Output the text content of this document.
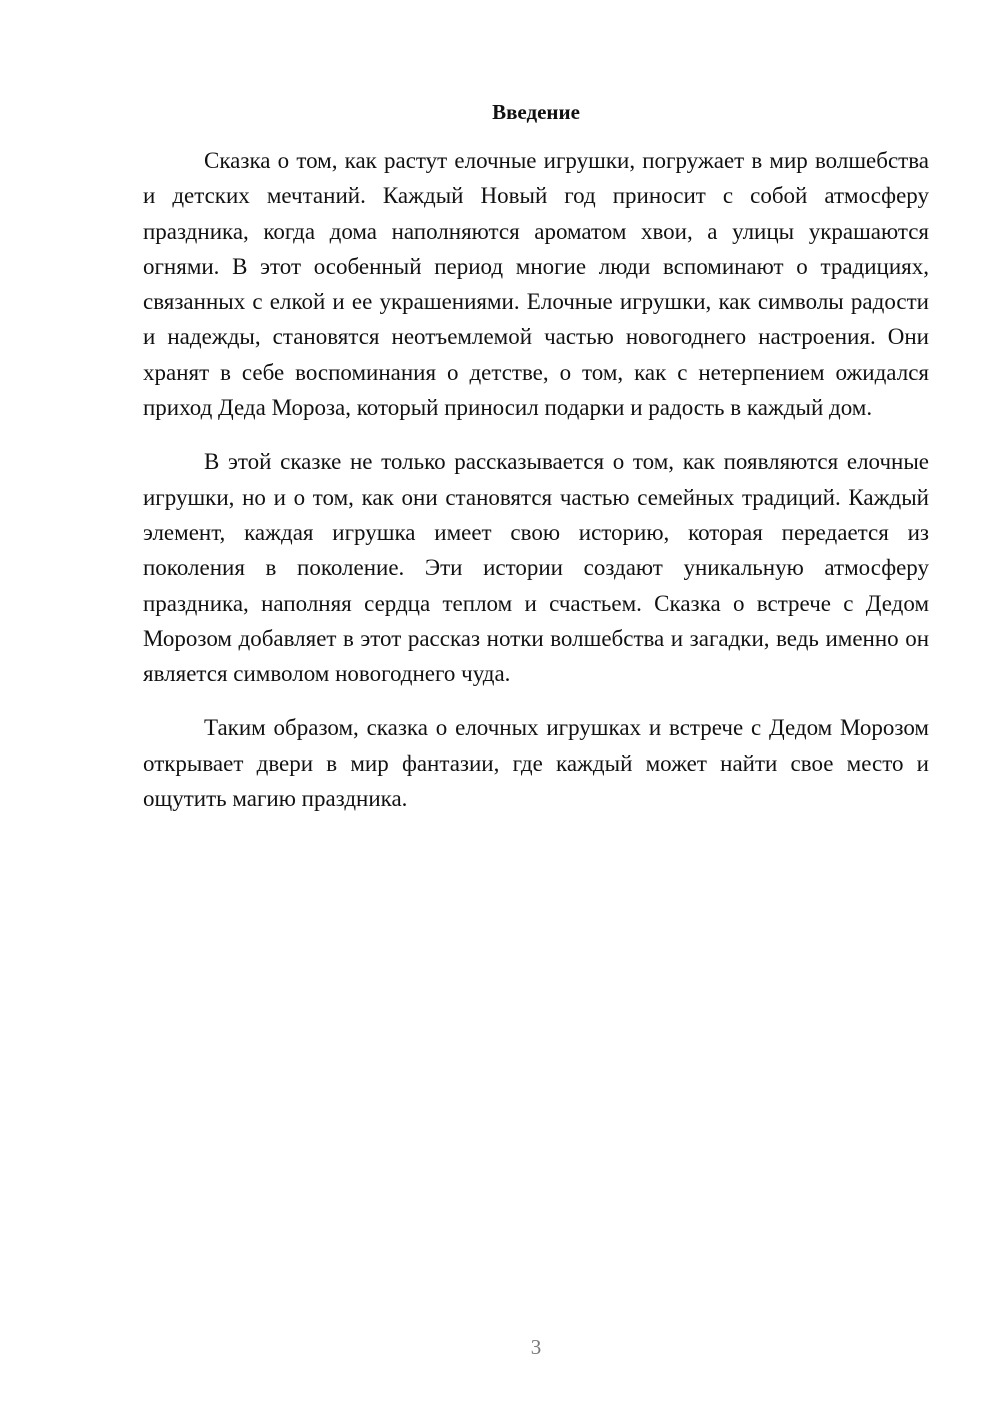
Введение

Сказка о том, как растут елочные игрушки, погружает в мир волшебства и детских мечтаний. Каждый Новый год приносит с собой атмосферу праздника, когда дома наполняются ароматом хвои, а улицы украшаются огнями. В этот особенный период многие люди вспоминают о традициях, связанных с елкой и ее украшениями. Елочные игрушки, как символы радости и надежды, становятся неотъемлемой частью новогоднего настроения. Они хранят в себе воспоминания о детстве, о том, как с нетерпением ожидался приход Деда Мороза, который приносил подарки и радость в каждый дом.

В этой сказке не только рассказывается о том, как появляются елочные игрушки, но и о том, как они становятся частью семейных традиций. Каждый элемент, каждая игрушка имеет свою историю, которая передается из поколения в поколение. Эти истории создают уникальную атмосферу праздника, наполняя сердца теплом и счастьем. Сказка о встрече с Дедом Морозом добавляет в этот рассказ нотки волшебства и загадки, ведь именно он является символом новогоднего чуда.

Таким образом, сказка о елочных игрушках и встрече с Дедом Морозом открывает двери в мир фантазии, где каждый может найти свое место и ощутить магию праздника.

3
